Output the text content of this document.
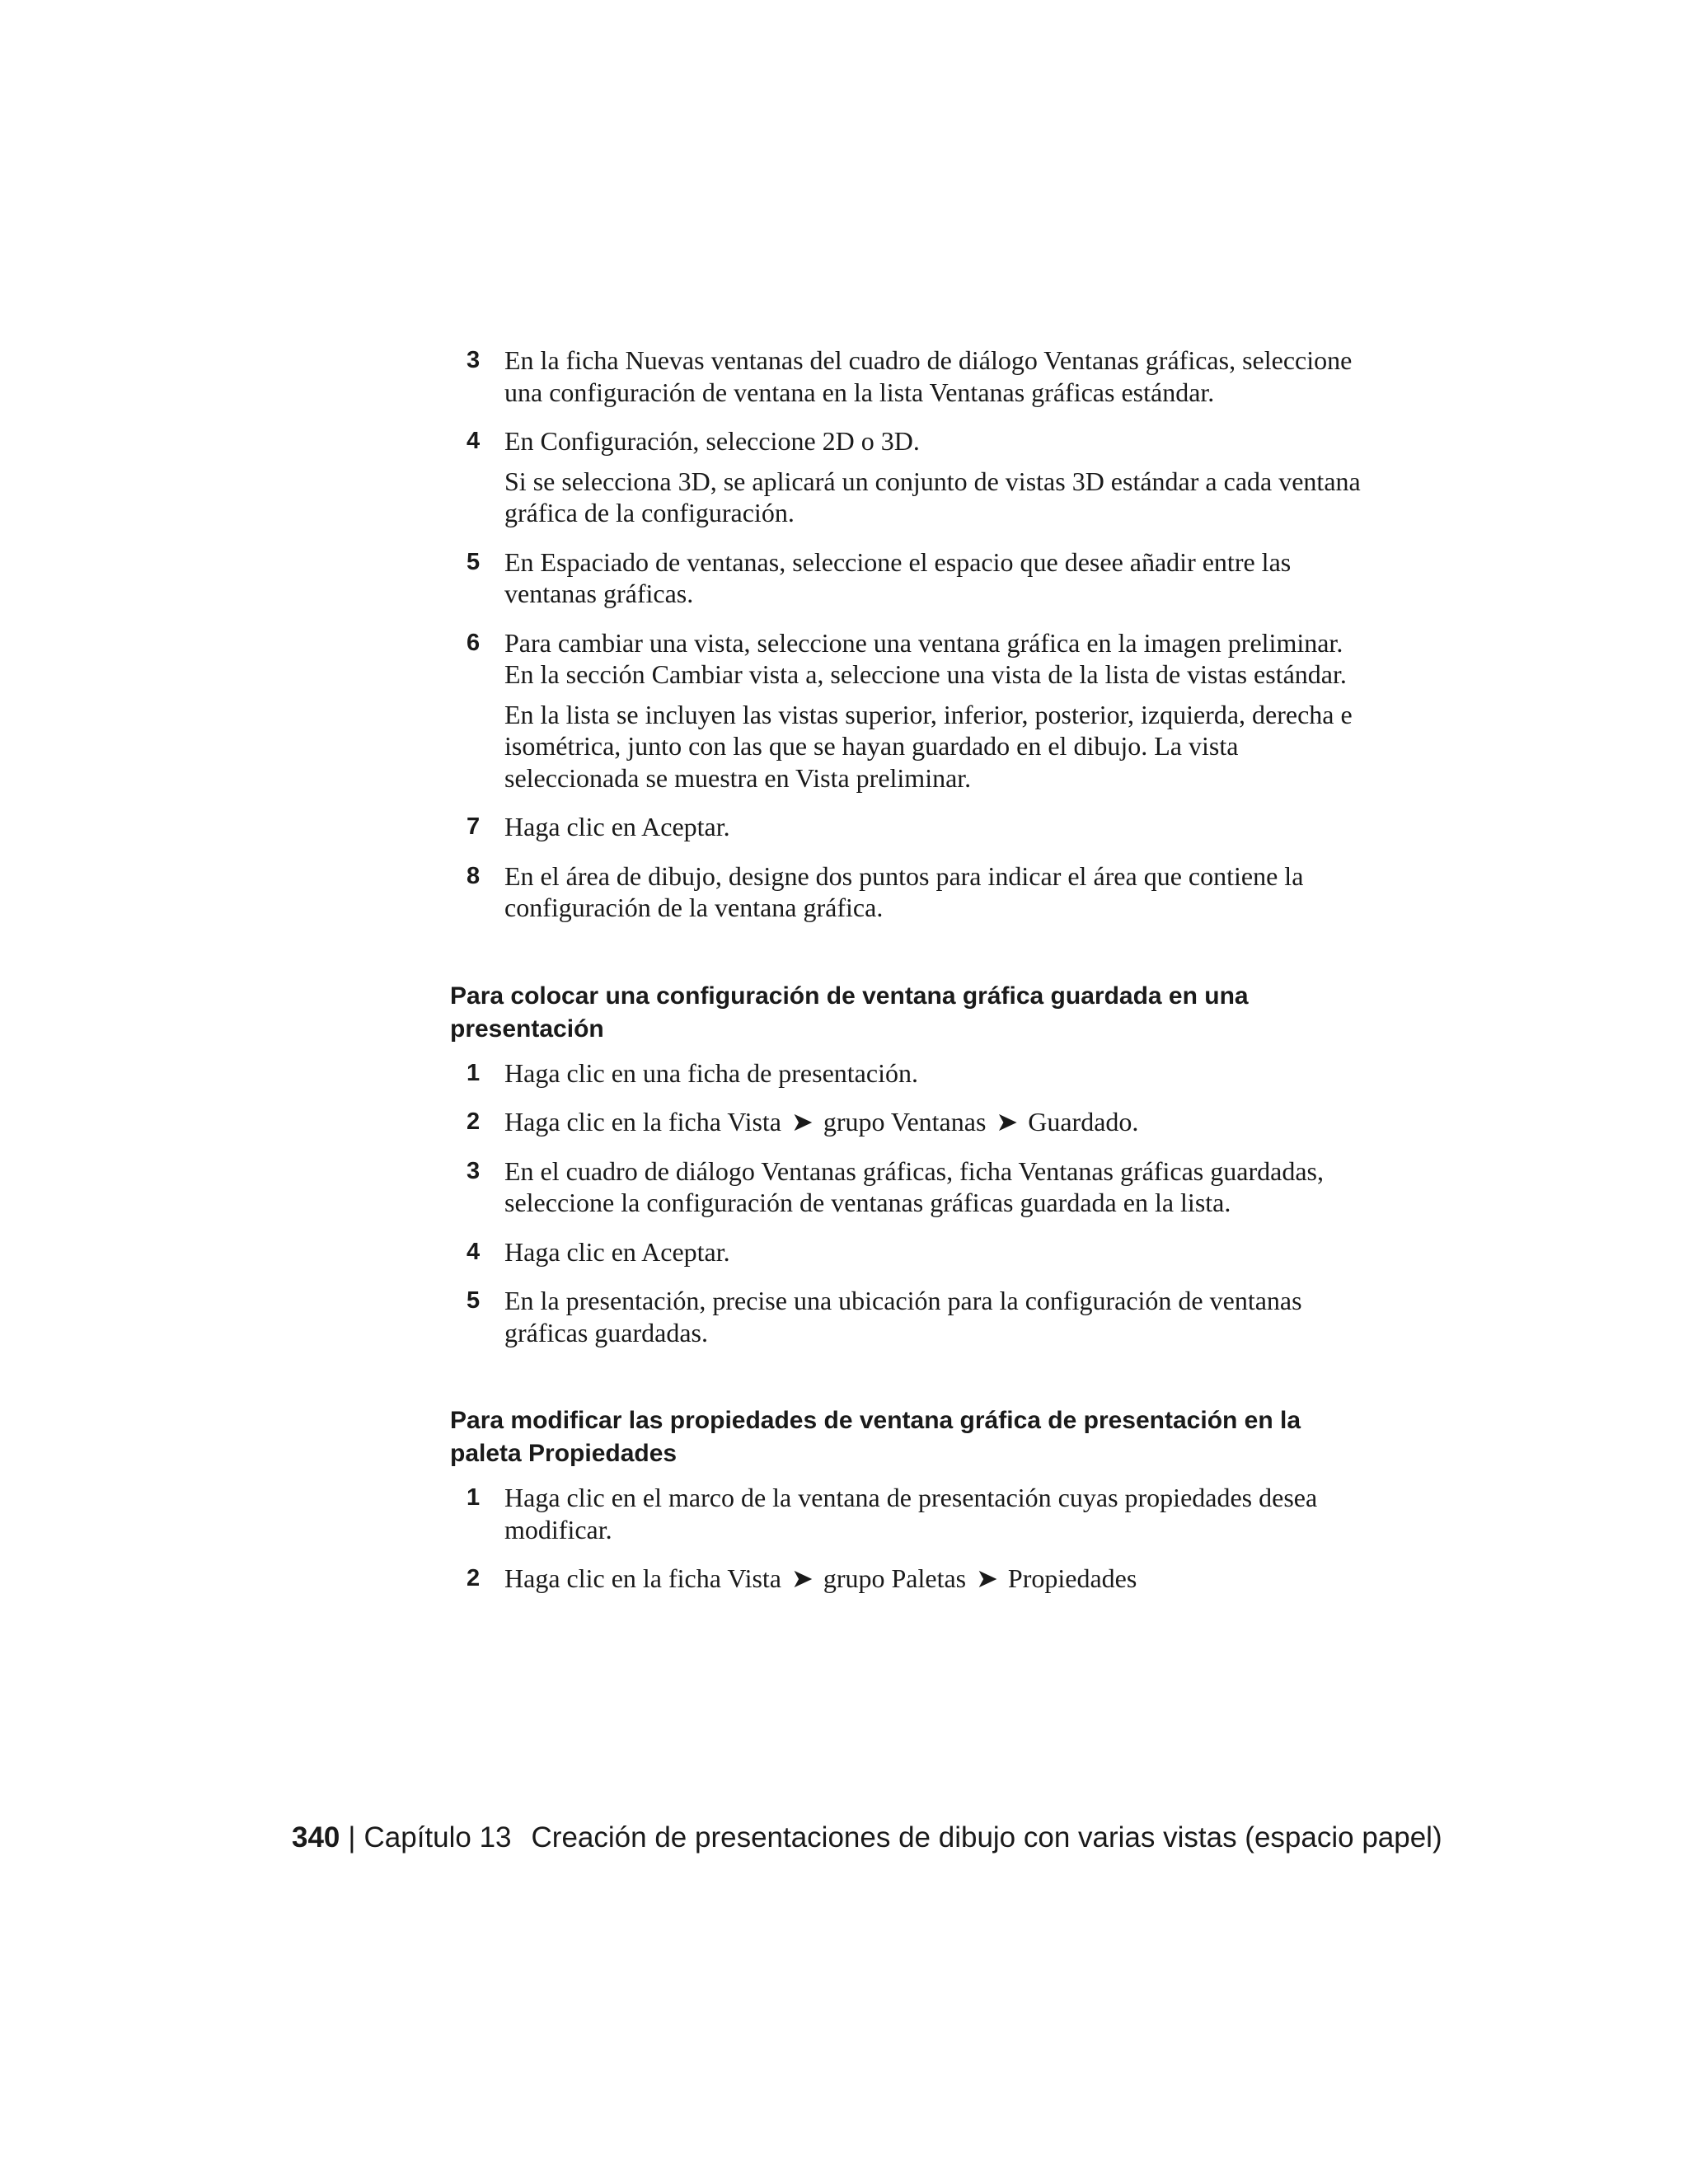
3 En la ficha Nuevas ventanas del cuadro de diálogo Ventanas gráficas, seleccione una configuración de ventana en la lista Ventanas gráficas estándar.
4 En Configuración, seleccione 2D o 3D.
Si se selecciona 3D, se aplicará un conjunto de vistas 3D estándar a cada ventana gráfica de la configuración.
5 En Espaciado de ventanas, seleccione el espacio que desee añadir entre las ventanas gráficas.
6 Para cambiar una vista, seleccione una ventana gráfica en la imagen preliminar. En la sección Cambiar vista a, seleccione una vista de la lista de vistas estándar.
En la lista se incluyen las vistas superior, inferior, posterior, izquierda, derecha e isométrica, junto con las que se hayan guardado en el dibujo. La vista seleccionada se muestra en Vista preliminar.
7 Haga clic en Aceptar.
8 En el área de dibujo, designe dos puntos para indicar el área que contiene la configuración de la ventana gráfica.
Para colocar una configuración de ventana gráfica guardada en una presentación
1 Haga clic en una ficha de presentación.
2 Haga clic en la ficha Vista ➤ grupo Ventanas ➤ Guardado.
3 En el cuadro de diálogo Ventanas gráficas, ficha Ventanas gráficas guardadas, seleccione la configuración de ventanas gráficas guardada en la lista.
4 Haga clic en Aceptar.
5 En la presentación, precise una ubicación para la configuración de ventanas gráficas guardadas.
Para modificar las propiedades de ventana gráfica de presentación en la paleta Propiedades
1 Haga clic en el marco de la ventana de presentación cuyas propiedades desea modificar.
2 Haga clic en la ficha Vista ➤ grupo Paletas ➤ Propiedades
340 | Capítulo 13 Creación de presentaciones de dibujo con varias vistas (espacio papel)
